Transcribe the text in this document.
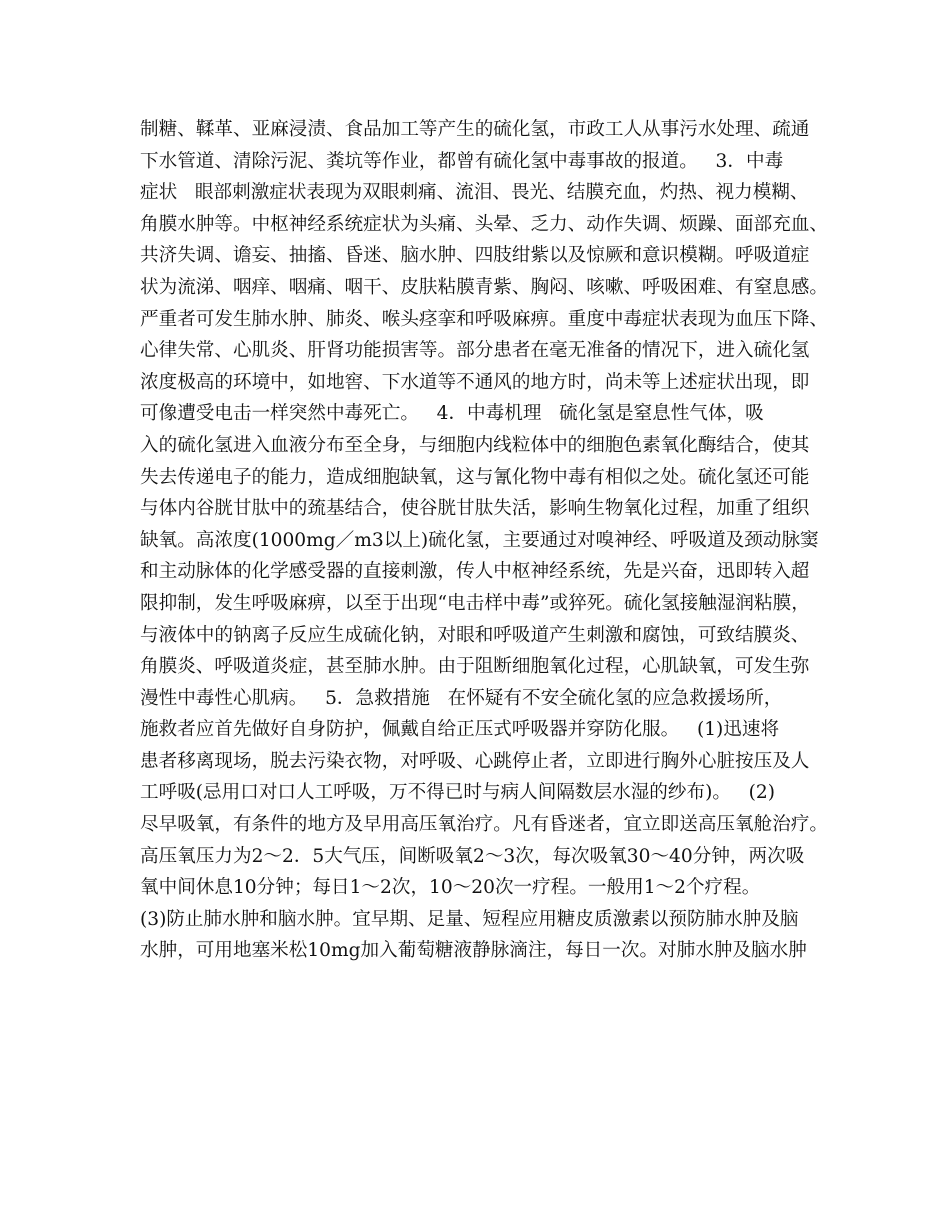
制糖、鞣革、亚麻浸渍、食品加工等产生的硫化氢，市政工人从事污水处理、疏通
下水管道、清除污泥、粪坑等作业，都曾有硫化氢中毒事故的报道。   3．中毒
症状   眼部刺激症状表现为双眼刺痛、流泪、畏光、结膜充血，灼热、视力模糊、
角膜水肿等。中枢神经系统症状为头痛、头晕、乏力、动作失调、烦躁、面部充血、
共济失调、谵妄、抽搐、昏迷、脑水肿、四肢绀紫以及惊厥和意识模糊。呼吸道症
状为流涕、咽痒、咽痛、咽干、皮肤粘膜青紫、胸闷、咳嗽、呼吸困难、有窒息感。
严重者可发生肺水肿、肺炎、喉头痉挛和呼吸麻痹。重度中毒症状表现为血压下降、
心律失常、心肌炎、肝肾功能损害等。部分患者在毫无准备的情况下，进入硫化氢
浓度极高的环境中，如地窖、下水道等不通风的地方时，尚未等上述症状出现，即
可像遭受电击一样突然中毒死亡。   4．中毒机理   硫化氢是窒息性气体，吸
入的硫化氢进入血液分布至全身，与细胞内线粒体中的细胞色素氧化酶结合，使其
失去传递电子的能力，造成细胞缺氧，这与氰化物中毒有相似之处。硫化氢还可能
与体内谷胱甘肽中的巯基结合，使谷胱甘肽失活，影响生物氧化过程，加重了组织
缺氧。高浓度(1000mg／m3以上)硫化氢，主要通过对嗅神经、呼吸道及颈动脉窦
和主动脉体的化学感受器的直接刺激，传人中枢神经系统，先是兴奋，迅即转入超
限抑制，发生呼吸麻痹，以至于出现“电击样中毒”或猝死。硫化氢接触湿润粘膜，
与液体中的钠离子反应生成硫化钠，对眼和呼吸道产生刺激和腐蚀，可致结膜炎、
角膜炎、呼吸道炎症，甚至肺水肿。由于阻断细胞氧化过程，心肌缺氧，可发生弥
漫性中毒性心肌病。   5．急救措施   在怀疑有不安全硫化氢的应急救援场所，
施救者应首先做好自身防护，佩戴自给正压式呼吸器并穿防化服。   (1)迅速将
患者移离现场，脱去污染衣物，对呼吸、心跳停止者，立即进行胸外心脏按压及人
工呼吸(忌用口对口人工呼吸，万不得已时与病人间隔数层水湿的纱布)。   (2)
尽早吸氧，有条件的地方及早用高压氧治疗。凡有昏迷者，宜立即送高压氧舱治疗。
高压氧压力为2～2．5大气压，间断吸氧2～3次，每次吸氧30～40分钟，两次吸
氧中间休息10分钟；每日1～2次，10～20次一疗程。一般用1～2个疗程。
(3)防止肺水肿和脑水肿。宜早期、足量、短程应用糖皮质激素以预防肺水肿及脑
水肿，可用地塞米松10mg加入葡萄糖液静脉滴注，每日一次。对肺水肿及脑水肿
